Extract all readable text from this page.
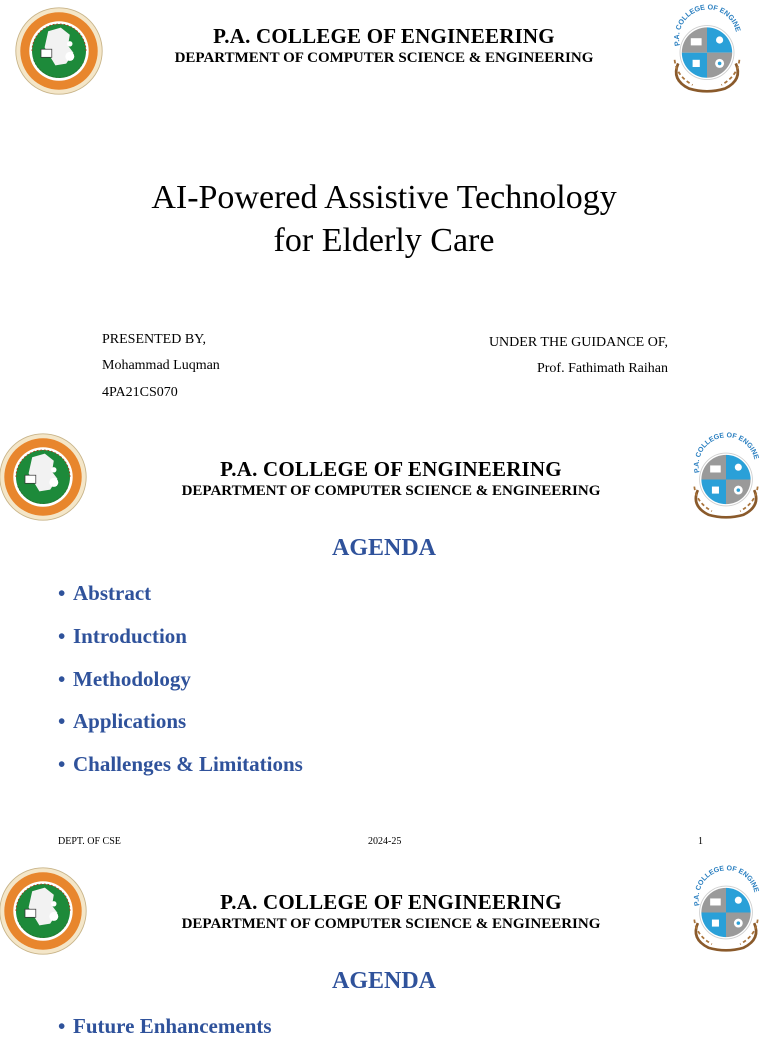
P.A. COLLEGE OF ENGINEERING
DEPARTMENT OF COMPUTER SCIENCE & ENGINEERING
AI-Powered Assistive Technology
for Elderly Care
PRESENTED BY,
Mohammad Luqman
4PA21CS070
UNDER THE GUIDANCE OF,
Prof. Fathimath Raihan
P.A. COLLEGE OF ENGINEERING
DEPARTMENT OF COMPUTER SCIENCE & ENGINEERING
AGENDA
• Abstract
• Introduction
• Methodology
• Applications
• Challenges & Limitations
DEPT. OF CSE	2024-25	1
P.A. COLLEGE OF ENGINEERING
DEPARTMENT OF COMPUTER SCIENCE & ENGINEERING
AGENDA
• Future Enhancements
